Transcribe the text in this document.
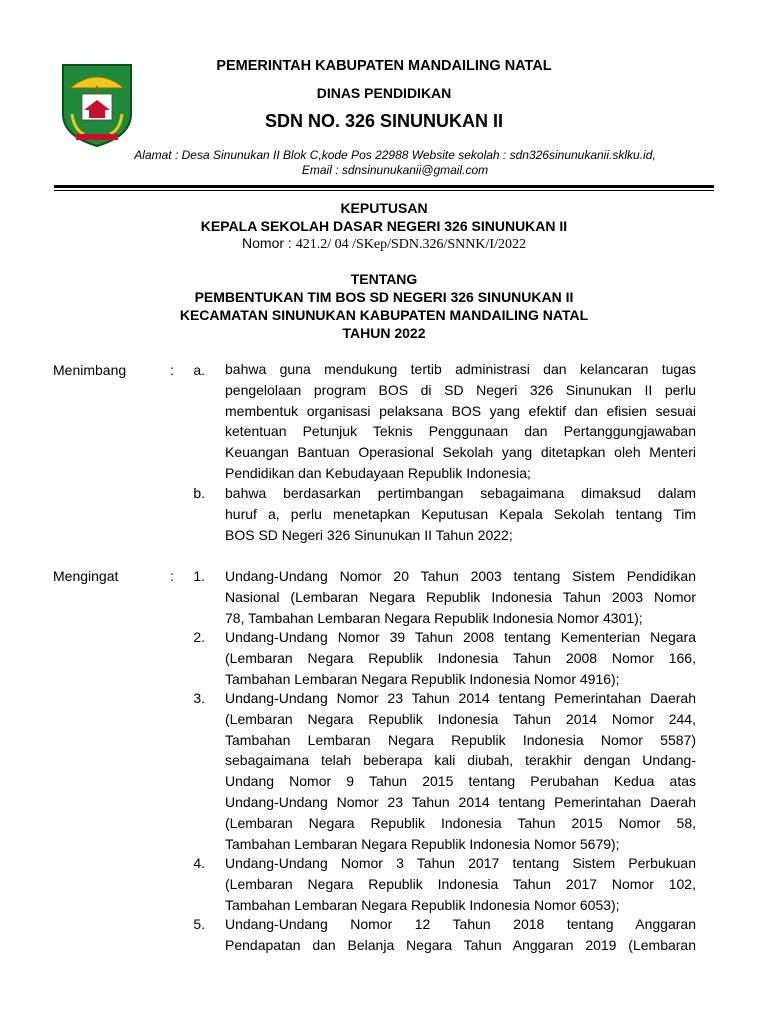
PEMERINTAH KABUPATEN MANDAILING NATAL
DINAS PENDIDIKAN
SDN NO. 326 SINUNUKAN II
Alamat : Desa Sinunukan II Blok C,kode Pos 22988 Website sekolah : sdn326sinunukanii.sklku.id,
Email : sdnsinunukanii@gmail.com
KEPUTUSAN
KEPALA SEKOLAH DASAR NEGERI 326 SINUNUKAN II
Nomor : 421.2/ 04 /SKep/SDN.326/SNNK/I/2022
TENTANG
PEMBENTUKAN TIM BOS SD NEGERI 326 SINUNUKAN II
KECAMATAN SINUNUKAN KABUPATEN MANDAILING NATAL
TAHUN 2022
Menimbang	:	a. bahwa guna mendukung tertib administrasi dan kelancaran tugas
pengelolaan program BOS di SD Negeri 326 Sinunukan II perlu
membentuk organisasi pelaksana BOS yang efektif dan efisien sesuai
ketentuan Petunjuk Teknis Penggunaan dan Pertanggungjawaban
Keuangan Bantuan Operasional Sekolah yang ditetapkan oleh Menteri
Pendidikan dan Kebudayaan Republik Indonesia;
b. bahwa berdasarkan pertimbangan sebagaimana dimaksud dalam
huruf a, perlu menetapkan Keputusan Kepala Sekolah tentang Tim
BOS SD Negeri 326 Sinunukan II Tahun 2022;
Mengingat	:	1. Undang-Undang Nomor 20 Tahun 2003 tentang Sistem Pendidikan
Nasional (Lembaran Negara Republik Indonesia Tahun 2003 Nomor
78, Tambahan Lembaran Negara Republik Indonesia Nomor 4301);
2. Undang-Undang Nomor 39 Tahun 2008 tentang Kementerian Negara
(Lembaran Negara Republik Indonesia Tahun 2008 Nomor 166,
Tambahan Lembaran Negara Republik Indonesia Nomor 4916);
3. Undang-Undang Nomor 23 Tahun 2014 tentang Pemerintahan Daerah
(Lembaran Negara Republik Indonesia Tahun 2014 Nomor 244,
Tambahan Lembaran Negara Republik Indonesia Nomor 5587)
sebagaimana telah beberapa kali diubah, terakhir dengan Undang-
Undang Nomor 9 Tahun 2015 tentang Perubahan Kedua atas
Undang-Undang Nomor 23 Tahun 2014 tentang Pemerintahan Daerah
(Lembaran Negara Republik Indonesia Tahun 2015 Nomor 58,
Tambahan Lembaran Negara Republik Indonesia Nomor 5679);
4. Undang-Undang Nomor 3 Tahun 2017 tentang Sistem Perbukuan
(Lembaran Negara Republik Indonesia Tahun 2017 Nomor 102,
Tambahan Lembaran Negara Republik Indonesia Nomor 6053);
5. Undang-Undang Nomor 12 Tahun 2018 tentang Anggaran
Pendapatan dan Belanja Negara Tahun Anggaran 2019 (Lembaran
